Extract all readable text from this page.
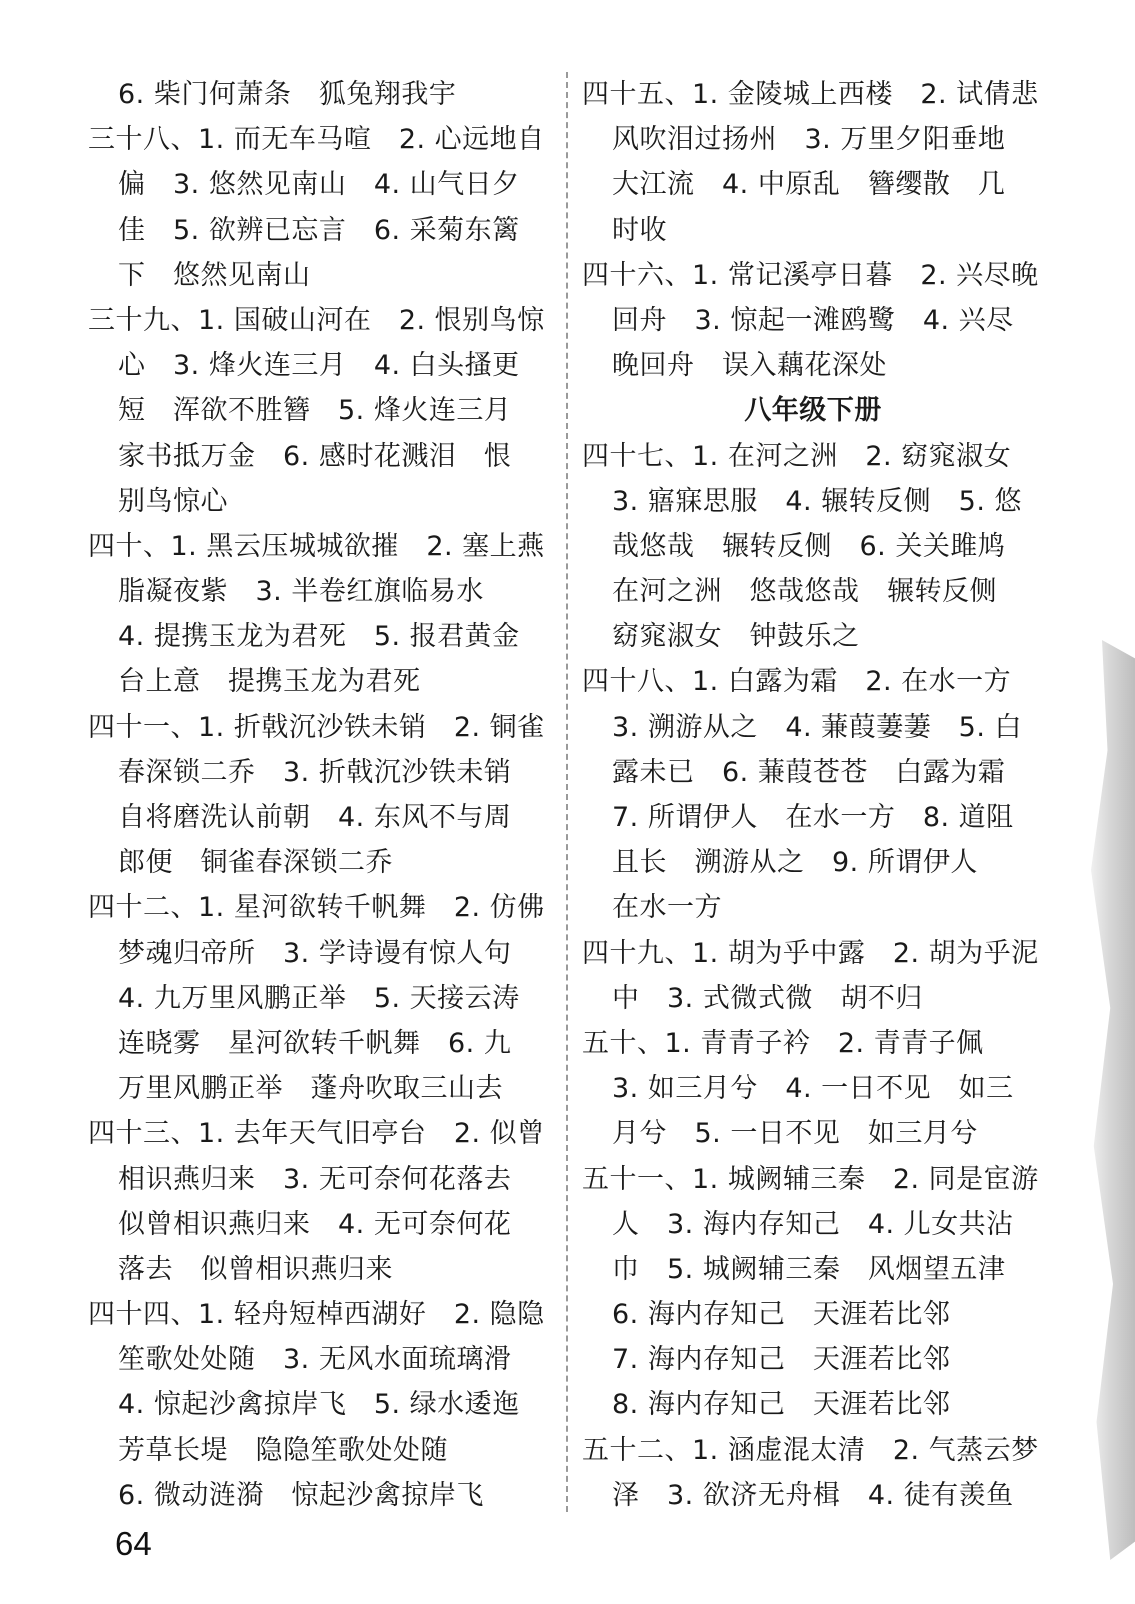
6. 柴门何萧条　狐兔翔我宇
三十八、1. 而无车马喧　2. 心远地自
偏　3. 悠然见南山　4. 山气日夕
佳　5. 欲辨已忘言　6. 采菊东篱
下　悠然见南山
三十九、1. 国破山河在　2. 恨别鸟惊
心　3. 烽火连三月　4. 白头搔更
短　浑欲不胜簪　5. 烽火连三月
家书抵万金　6. 感时花溅泪　恨
别鸟惊心
四十、1. 黑云压城城欲摧　2. 塞上燕
脂凝夜紫　3. 半卷红旗临易水
4. 提携玉龙为君死　5. 报君黄金
台上意　提携玉龙为君死
四十一、1. 折戟沉沙铁未销　2. 铜雀
春深锁二乔　3. 折戟沉沙铁未销
自将磨洗认前朝　4. 东风不与周
郎便　铜雀春深锁二乔
四十二、1. 星河欲转千帆舞　2. 仿佛
梦魂归帝所　3. 学诗谩有惊人句
4. 九万里风鹏正举　5. 天接云涛
连晓雾　星河欲转千帆舞　6. 九
万里风鹏正举　蓬舟吹取三山去
四十三、1. 去年天气旧亭台　2. 似曾
相识燕归来　3. 无可奈何花落去
似曾相识燕归来　4. 无可奈何花
落去　似曾相识燕归来
四十四、1. 轻舟短棹西湖好　2. 隐隐
笙歌处处随　3. 无风水面琉璃滑
4. 惊起沙禽掠岸飞　5. 绿水逶迤
芳草长堤　隐隐笙歌处处随
6. 微动涟漪　惊起沙禽掠岸飞
四十五、1. 金陵城上西楼　2. 试倩悲
风吹泪过扬州　3. 万里夕阳垂地
大江流　4. 中原乱　簪缨散　几
时收
四十六、1. 常记溪亭日暮　2. 兴尽晚
回舟　3. 惊起一滩鸥鹭　4. 兴尽
晚回舟　误入藕花深处
八年级下册
四十七、1. 在河之洲　2. 窈窕淑女
3. 寤寐思服　4. 辗转反侧　5. 悠
哉悠哉　辗转反侧　6. 关关雎鸠
在河之洲　悠哉悠哉　辗转反侧
窈窕淑女　钟鼓乐之
四十八、1. 白露为霜　2. 在水一方
3. 溯游从之　4. 蒹葭萋萋　5. 白
露未已　6. 蒹葭苍苍　白露为霜
7. 所谓伊人　在水一方　8. 道阻
且长　溯游从之　9. 所谓伊人
在水一方
四十九、1. 胡为乎中露　2. 胡为乎泥
中　3. 式微式微　胡不归
五十、1. 青青子衿　2. 青青子佩
3. 如三月兮　4. 一日不见　如三
月兮　5. 一日不见　如三月兮
五十一、1. 城阙辅三秦　2. 同是宦游
人　3. 海内存知己　4. 儿女共沾
巾　5. 城阙辅三秦　风烟望五津
6. 海内存知己　天涯若比邻
7. 海内存知己　天涯若比邻
8. 海内存知己　天涯若比邻
五十二、1. 涵虚混太清　2. 气蒸云梦
泽　3. 欲济无舟楫　4. 徒有羡鱼
64
